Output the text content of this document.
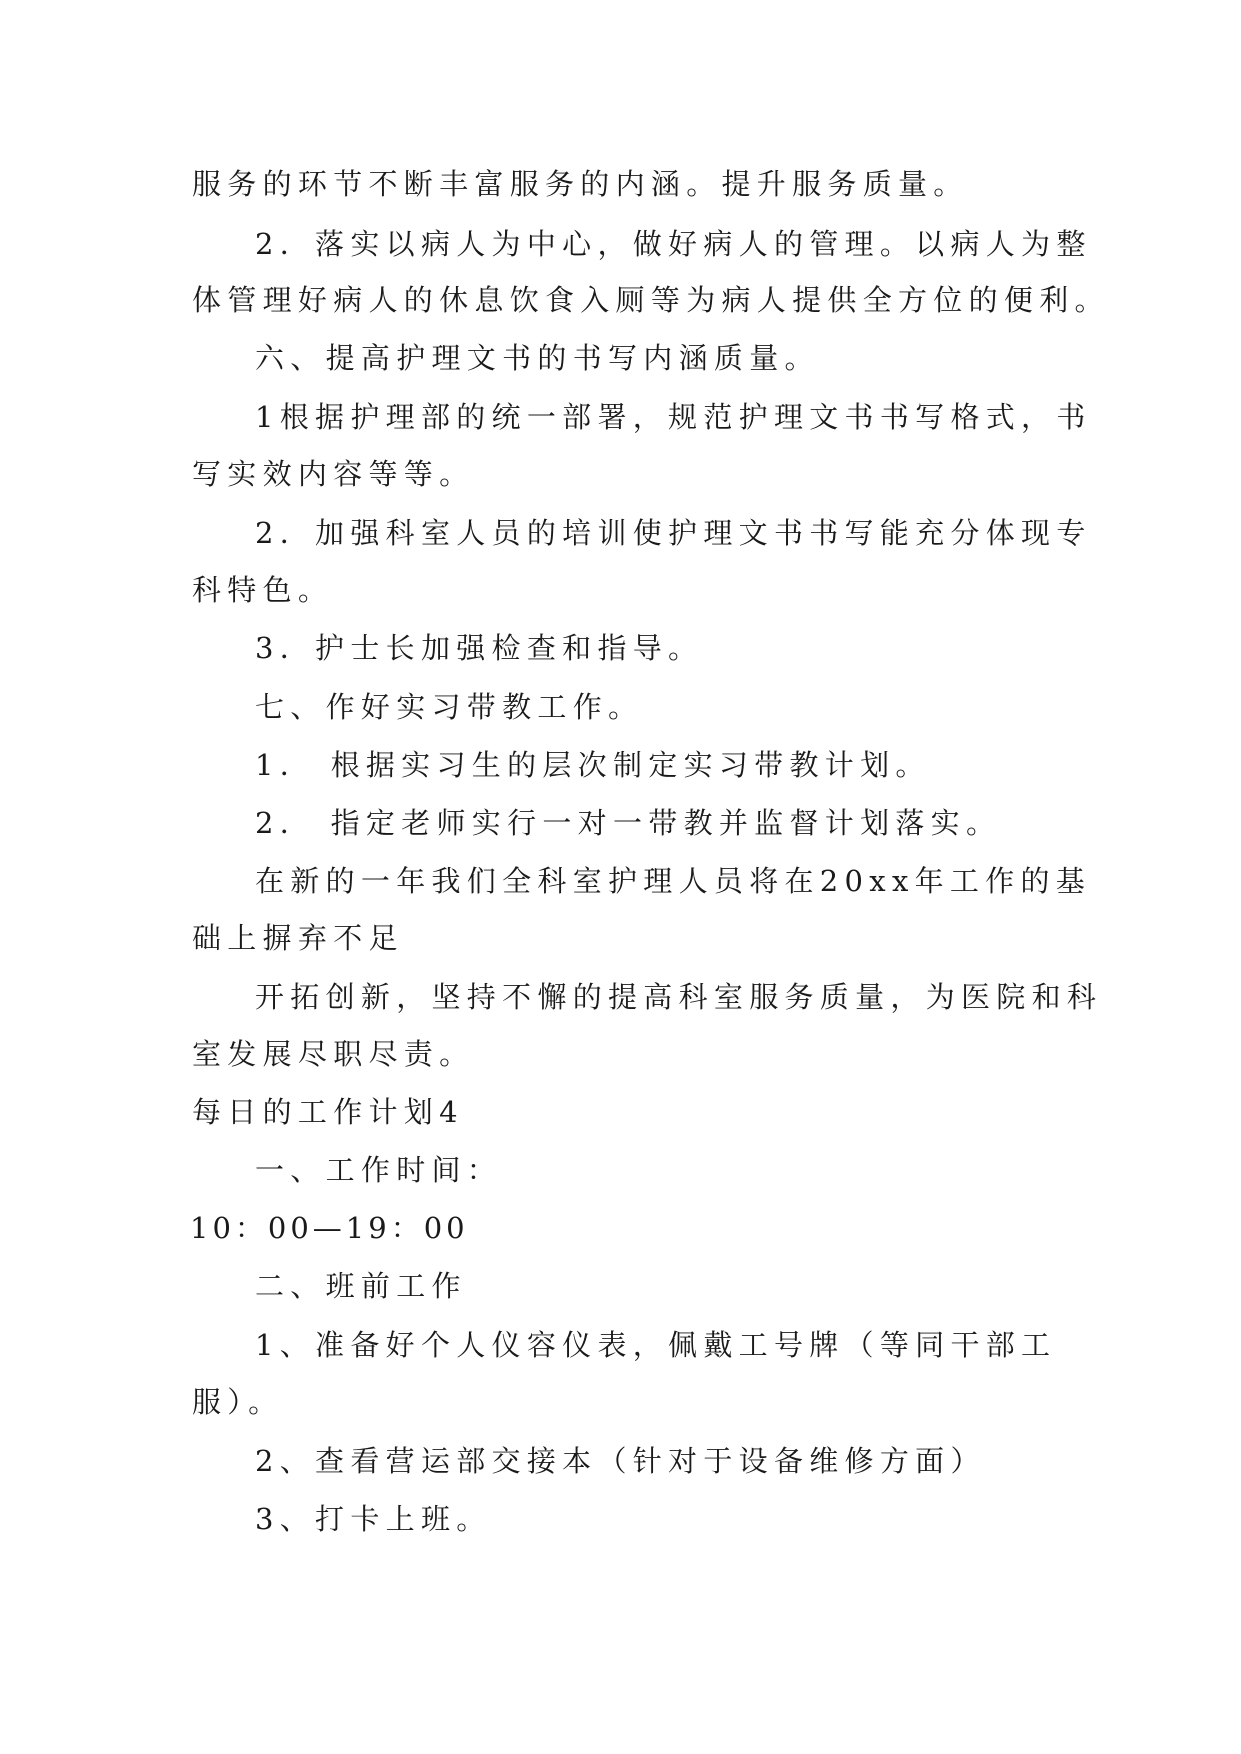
服务的环节不断丰富服务的内涵。提升服务质量。
2．落实以病人为中心，做好病人的管理。以病人为整
体管理好病人的休息饮食入厕等为病人提供全方位的便利。
六、提高护理文书的书写内涵质量。
1根据护理部的统一部署，规范护理文书书写格式，书
写实效内容等等。
2．加强科室人员的培训使护理文书书写能充分体现专
科特色。
3．护士长加强检查和指导。
七、作好实习带教工作。
1． 根据实习生的层次制定实习带教计划。
2． 指定老师实行一对一带教并监督计划落实。
在新的一年我们全科室护理人员将在20xx年工作的基
础上摒弃不足
开拓创新，坚持不懈的提高科室服务质量，为医院和科
室发展尽职尽责。
每日的工作计划4
一、工作时间：
10：00—19：00
二、班前工作
1、准备好个人仪容仪表，佩戴工号牌（等同干部工
服）。
2、查看营运部交接本（针对于设备维修方面）
3、打卡上班。
